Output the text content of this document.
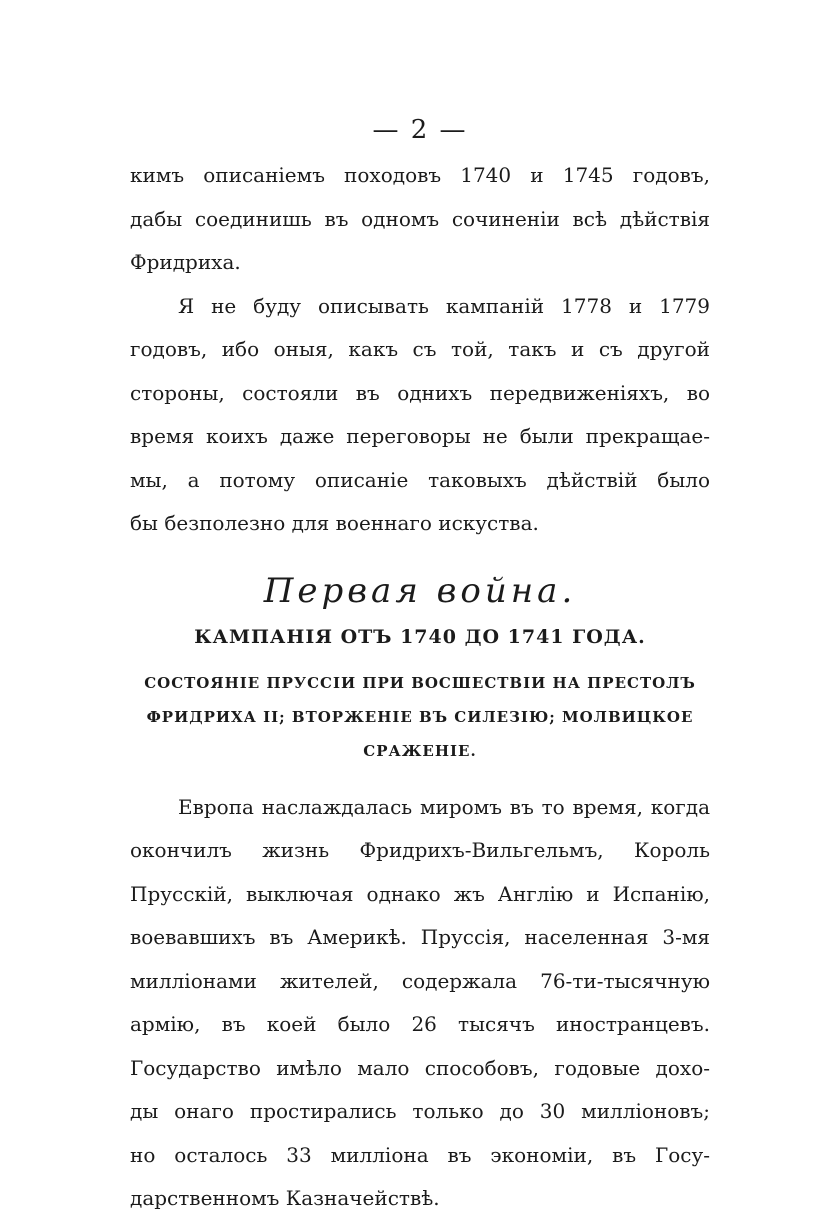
— 2 —

кимъ описаніемъ походовъ 1740 и 1745 годовъ,

дабы соединишь въ одномъ сочиненіи всѣ дѣйствія

Фридриха.

Я не буду описывать кампаній 1778 и 1779

годовъ, ибо оныя, какъ съ той, такъ и съ другой

стороны, состояли въ однихъ передвиженіяхъ, во

время коихъ даже переговоры не были прекращае-

мы, а потому описаніе таковыхъ дѣйствій было

бы безполезно для военнаго искуства.

Первая война.
КАМПАНІЯ ОТЪ 1740 ДО 1741 ГОДА.
СОСТОЯНІЕ ПРУССІИ ПРИ ВОСШЕСТВІИ НА ПРЕСТОЛЪ
ФРИДРИХА II; ВТОРЖЕНІЕ ВЪ СИЛЕЗІЮ; МОЛВИЦКОЕ
СРАЖЕНІЕ.

Европа наслаждалась миромъ въ то время, когда

окончилъ жизнь Фридрихъ-Вильгельмъ, Король

Прусскій, выключая однако жъ Англію и Испанію,

воевавшихъ въ Америкѣ. Пруссія, населенная 3-мя

милліонами жителей, содержала 76-ти-тысячную

армію, въ коей было 26 тысячъ иностранцевъ.

Государство имѣло мало способовъ, годовые дохо-

ды онаго простирались только до 30 милліоновъ;

но осталось 33 милліона въ экономіи, въ Госу-

дарственномъ Казначействѣ.
